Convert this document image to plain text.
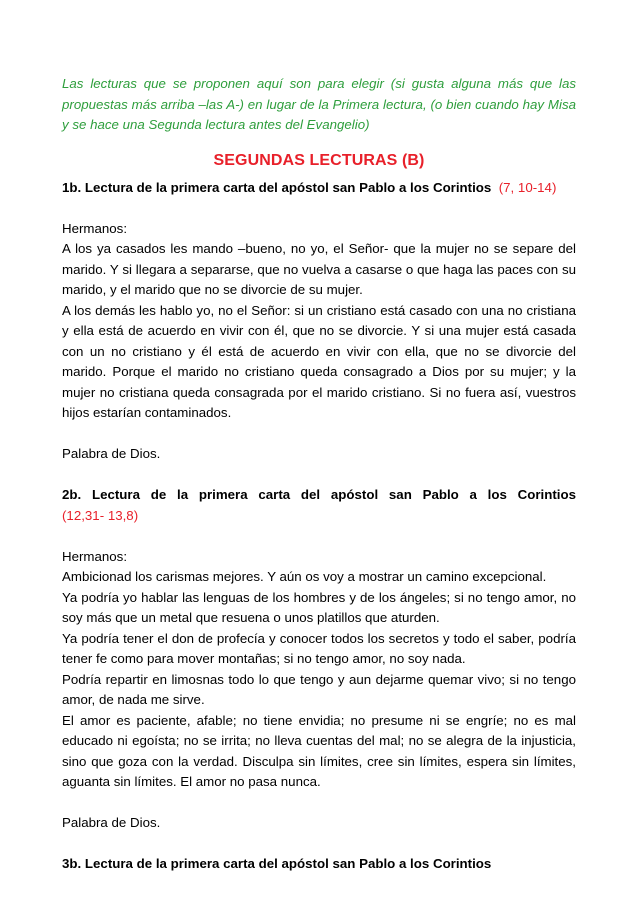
Las lecturas que se proponen aquí son para elegir (si gusta alguna más que las propuestas más arriba –las A-) en lugar de la Primera lectura, (o bien cuando hay Misa y se hace una Segunda lectura antes del Evangelio)

SEGUNDAS LECTURAS (B)

1b. Lectura de la primera carta del apóstol san Pablo a los Corintios (7, 10-14)

Hermanos:

A los ya casados les mando –bueno, no yo, el Señor- que la mujer no se separe del marido. Y si llegara a separarse, que no vuelva a casarse o que haga las paces con su marido, y el marido que no se divorcie de su mujer.

A los demás les hablo yo, no el Señor: si un cristiano está casado con una no cristiana y ella está de acuerdo en vivir con él, que no se divorcie. Y si una mujer está casada con un no cristiano y él está de acuerdo en vivir con ella, que no se divorcie del marido. Porque el marido no cristiano queda consagrado a Dios por su mujer; y la mujer no cristiana queda consagrada por el marido cristiano. Si no fuera así, vuestros hijos estarían contaminados.

Palabra de Dios.

2b. Lectura de la primera carta del apóstol san Pablo a los Corintios

(12,31- 13,8)

Hermanos:

Ambicionad los carismas mejores. Y aún os voy a mostrar un camino excepcional.

Ya podría yo hablar las lenguas de los hombres y de los ángeles; si no tengo amor, no soy más que un metal que resuena o unos platillos que aturden.

Ya podría tener el don de profecía y conocer todos los secretos y todo el saber, podría tener fe como para mover montañas; si no tengo amor, no soy nada.

Podría repartir en limosnas todo lo que tengo y aun dejarme quemar vivo; si no tengo amor, de nada me sirve.

El amor es paciente, afable; no tiene envidia; no presume ni se engríe; no es mal educado ni egoísta; no se irrita; no lleva cuentas del mal; no se alegra de la injusticia, sino que goza con la verdad. Disculpa sin límites, cree sin límites, espera sin límites, aguanta sin límites. El amor no pasa nunca.

Palabra de Dios.

3b. Lectura de la primera carta del apóstol san Pablo a los Corintios
